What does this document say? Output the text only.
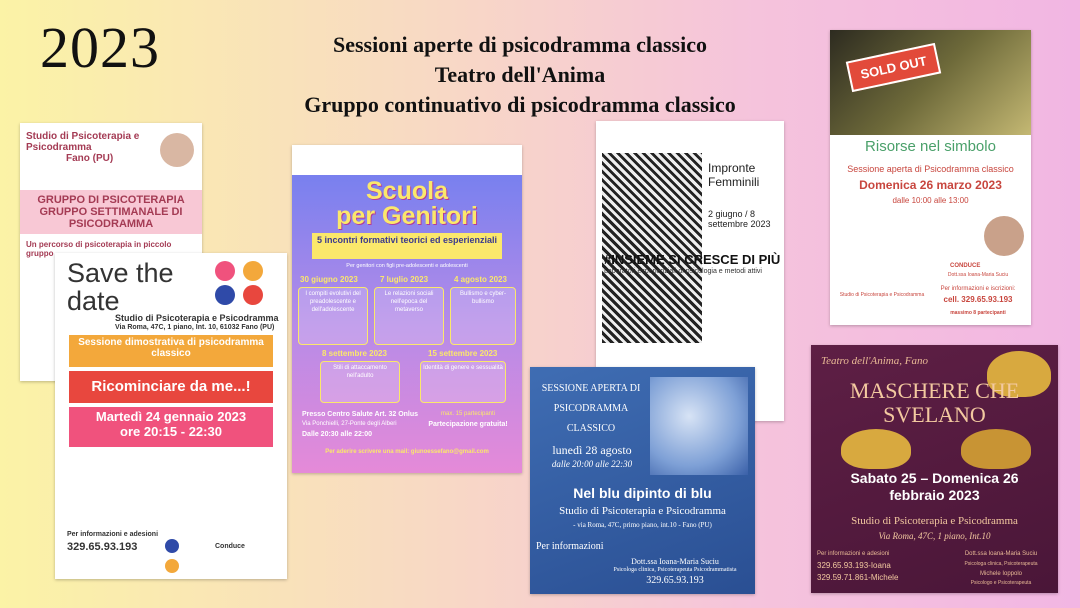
2023	Sessioni aperte di psicodramma classico
Teatro dell'Anima
Gruppo continuativo di psicodramma classico
Studio di Psicoterapia e Psicodramma
Fano (PU)
GRUPPO DI PSICOTERAPIA
GRUPPO SETTIMANALE DI PSICODRAMMA
Un percorso di psicoterapia in piccolo gruppo
Save the date
Studio di Psicoterapia e Psicodramma
Via Roma, 47C, 1 piano, Int. 10, 61032 Fano (PU)
Sessione dimostrativa di psicodramma classico
Ricominciare da me...!
Martedì 24 gennaio 2023
ore 20:15 - 22:30
Per informazioni e adesioni
329.65.93.193	Conduce
Scuola
per Genitori
5 incontri formativi teorici ed esperienziali
Per genitori con figli pre-adolescenti e adolescenti
30 giugno 2023	7 luglio 2023	4 agosto 2023
I compiti evolutivi del preadolescente e dell'adolescente
Le relazioni sociali nell'epoca del metaverso
Bullismo e cyber-bullismo
8 settembre 2023	15 settembre 2023
Stili di attaccamento nell'adulto
Identità di genere e sessualità
Presso Centro Salute Art. 32 Onlus
Via Ponchielli, 27-Ponte degli Alberi
Dalle 20:30 alle 22:00
max. 15 partecipanti
Partecipazione gratuita!
Per aderire scrivere una mail: giunoessefano@gmail.com
Impronte Femminili
2 giugno / 8 settembre 2023
#INSIEME SI CRESCE DI PIÙ
Laboratori esperienziali di psicologia e metodi attivi
SESSIONE APERTA DI PSICODRAMMA CLASSICO
lunedì 28 agosto
dalle 20:00 alle 22:30
Nel blu dipinto di blu
Studio di Psicoterapia e Psicodramma
- via Roma, 47C, primo piano, int.10 - Fano (PU)
Per informazioni
Dott.ssa Ioana-Maria Suciu
Psicologa clinica, Psicoterapeuta Psicodrammatista
329.65.93.193
SOLD OUT
Risorse nel simbolo
Sessione aperta di Psicodramma classico
Domenica 26 marzo 2023
dalle 10:00 alle 13:00
CONDUCE
Dott.ssa Ioana-Maria Suciu
Per informazioni e iscrizioni:
cell. 329.65.93.193
massimo 8 partecipanti
Studio di Psicoterapia e Psicodramma
Teatro dell'Anima, Fano
MASCHERE CHE
SVELANO
Sabato 25 – Domenica 26
febbraio 2023
Studio di Psicoterapia e Psicodramma
Via Roma, 47C, 1 piano, Int.10
Per informazioni e adesioni
329.65.93.193-Ioana
329.59.71.861-Michele
Dott.ssa Ioana-Maria Suciu
Psicologa clinica, Psicoterapeuta
Michele Ioppolo
Psicologo e Psicoterapeuta
